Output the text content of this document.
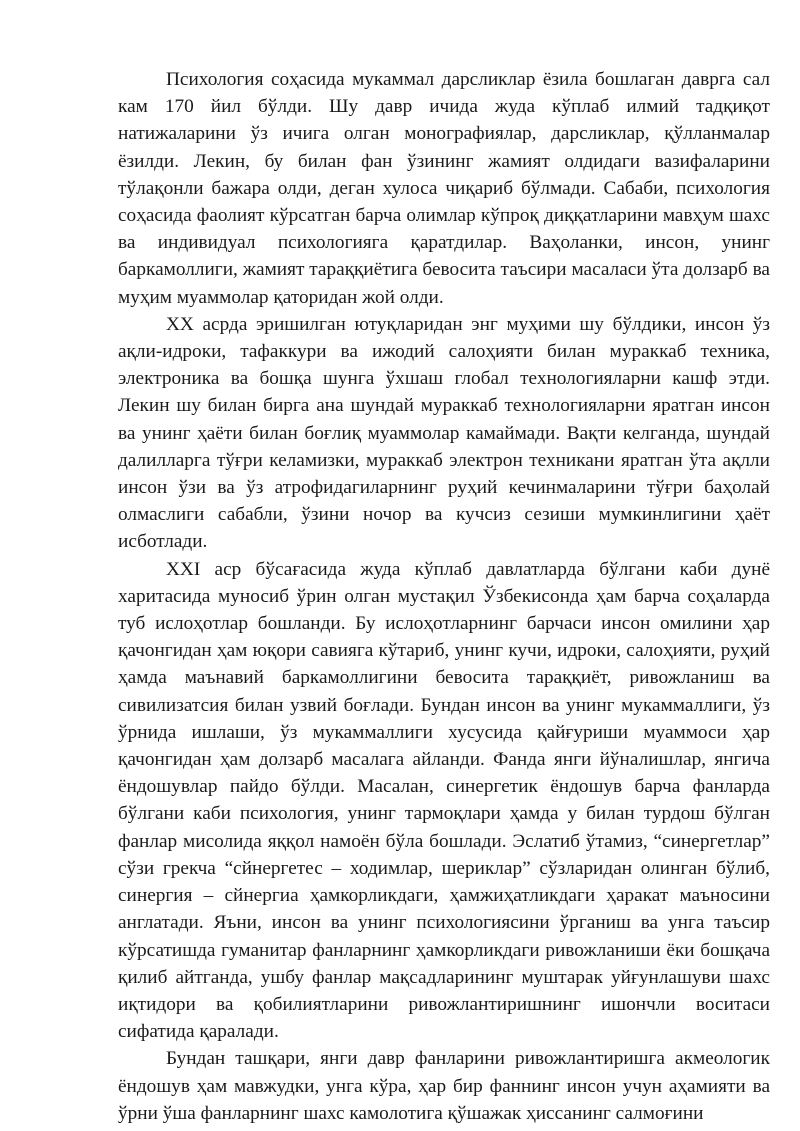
Психология соҳасида мукаммал дарсликлар ёзила бошлаган даврга сал кам 170 йил бўлди. Шу давр ичида жуда кўплаб илмий тадқиқот натижаларини ўз ичига олган монографиялар, дарсликлар, қўлланмалар ёзилди. Лекин, бу билан фан ўзининг жамият олдидаги вазифаларини тўлақонли бажара олди, деган хулоса чиқариб бўлмади. Сабаби, психология соҳасида фаолият кўрсатган барча олимлар кўпроқ диққатларини мавҳум шахс ва индивидуал психологияга қаратдилар. Ваҳоланки, инсон, унинг баркамоллиги, жамият тараққиётига бевосита таъсири масаласи ўта долзарб ва муҳим муаммолар қаторидан жой олди.

XX асрда эришилган ютуқларидан энг муҳими шу бўлдики, инсон ўз ақли-идроки, тафаккури ва ижодий салоҳияти билан мураккаб техника, электроника ва бошқа шунга ўхшаш глобал технологияларни кашф этди. Лекин шу билан бирга ана шундай мураккаб технологияларни яратган инсон ва унинг ҳаёти билан боғлиқ муаммолар камаймади. Вақти келганда, шундай далилларга тўғри келамизки, мураккаб электрон техникани яратган ўта ақлли инсон ўзи ва ўз атрофидагиларнинг руҳий кечинмаларини тўғри баҳолай олмаслиги сабабли, ўзини ночор ва кучсиз сезиши мумкинлигини ҳаёт исботлади.

XXI аср бўсағасида жуда кўплаб давлатларда бўлгани каби дунё харитасида муносиб ўрин олган мустақил Ўзбекисонда ҳам барча соҳаларда туб ислоҳотлар бошланди. Бу ислоҳотларнинг барчаси инсон омилини ҳар қачонгидан ҳам юқори савияга кўтариб, унинг кучи, идроки, салоҳияти, руҳий ҳамда маънавий баркамоллигини бевосита тараққиёт, ривожланиш ва сивилизатсия билан узвий боғлади. Бундан инсон ва унинг мукаммаллиги, ўз ўрнида ишлаши, ўз мукаммаллиги хусусида қайғуриши муаммоси ҳар қачонгидан ҳам долзарб масалага айланди. Фанда янги йўналишлар, янгича ёндошувлар пайдо бўлди. Масалан, синергетик ёндошув барча фанларда бўлгани каби психология, унинг тармоқлари ҳамда у билан турдош бўлган фанлар мисолида яққол намоён бўла бошлади. Эслатиб ўтамиз, “синергетлар” сўзи грекча “сйнергетес – ходимлар, шериклар” сўзларидан олинган бўлиб, синергия – сйнергиа ҳамкорликдаги, ҳамжиҳатликдаги ҳаракат маъносини англатади. Яъни, инсон ва унинг психологиясини ўрганиш ва унга таъсир кўрсатишда гуманитар фанларнинг ҳамкорликдаги ривожланиши ёки бошқача қилиб айтганда, ушбу фанлар мақсадларининг муштарак уйғунлашуви шахс иқтидори ва қобилиятларини ривожлантиришнинг ишончли воситаси сифатида қаралади.

Бундан ташқари, янги давр фанларини ривожлантиришга акмеологик ёндошув ҳам мавжудки, унга кўра, ҳар бир фаннинг инсон учун аҳамияти ва ўрни ўша фанларнинг шахс камолотига қўшажак ҳиссанинг салмоғини
